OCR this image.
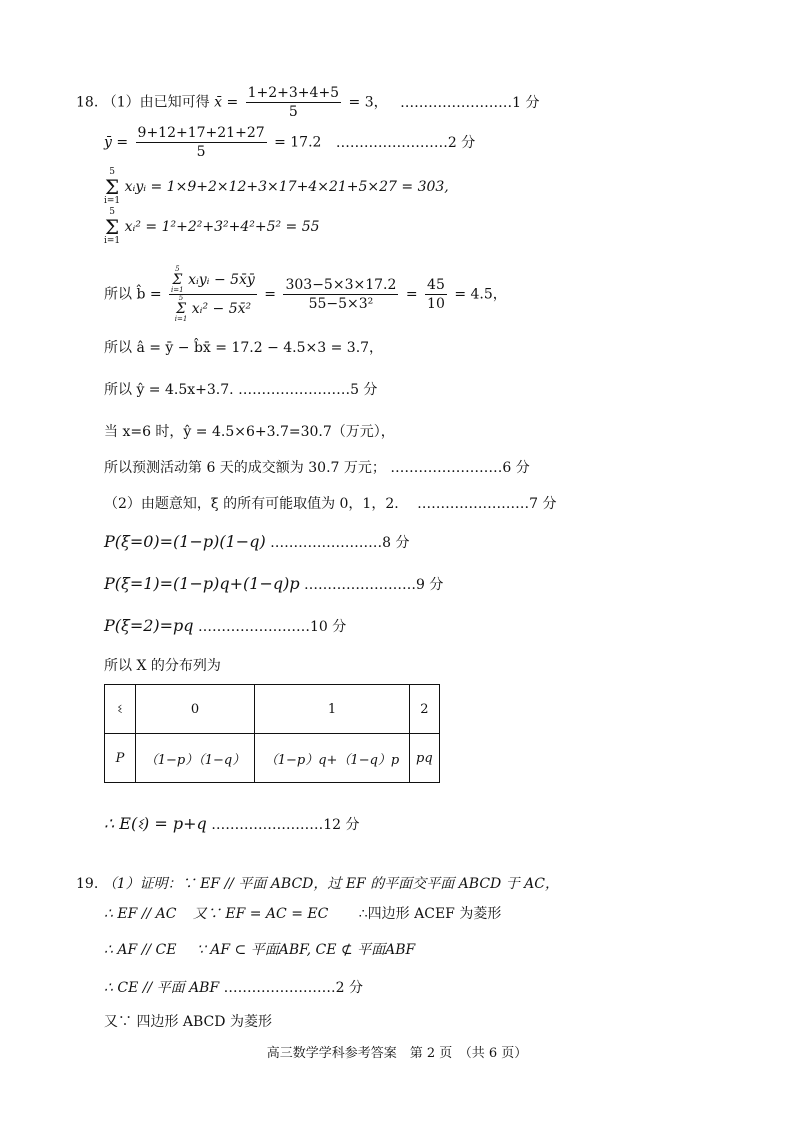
18. （1）由已知可得 x̄ = $\frac{1+2+3+4+5}{5} = 3$， ……………………1 分
ȳ = $\frac{9+12+17+21+27}{5} = 17.2$ ……………………2 分
5
Σ
i=1 xᵢyᵢ = 1×9+2×12+3×17+4×21+5×27 = 303,
5
Σ
i=1 xᵢ² = 1²+2²+3²+4²+5² = 55
所以 b̂ = 5
Σ
i=1 xᵢyᵢ − 5x̄ȳ
5
Σ
i=1 xᵢ² − 5x̄² = $\frac{303-5\times 3\times 17.2}{\text{55−5×3²}} = \frac{45}{10} = 4.5$，
所以 â = ȳ − b̂x̄ = 17.2 − 4.5×3 = 3.7，
所以 ŷ = 4.5x+3.7. ……………………5 分
当 x=6 时，ŷ = 4.5×6+3.7=30.7（万元），
所以预测活动第 6 天的成交额为 30.7 万元； ……………………6 分
（2）由题意知，ξ 的所有可能取值为 0，1，2. ……………………7 分
P(ξ=0)=(1−p)(1−q) ……………………8 分
P(ξ=1)=(1−p)q+(1−q)p ……………………9 分
P(ξ=2)=pq ……………………10 分
所以 X 的分布列为
ଽ	0	1	2
P	（1−p）（1−q）	（1−p）q+（1−q）p	pq
∴ E(ଽ) = p+q ……………………12 分
19. （1）证明：∵ EF // 平面 ABCD，过 EF 的平面交平面 ABCD 于 AC，
∴ EF // AC 又∵ EF = AC = EC ∴四边形 ACEF 为菱形
∴ AF // CE ∵ AF ⊂ 平面ABF, CE ⊄ 平面ABF
∴ CE // 平面 ABF ……………………2 分
又∵ 四边形 ABCD 为菱形
高三数学学科参考答案　第 2 页　（共 6 页）
